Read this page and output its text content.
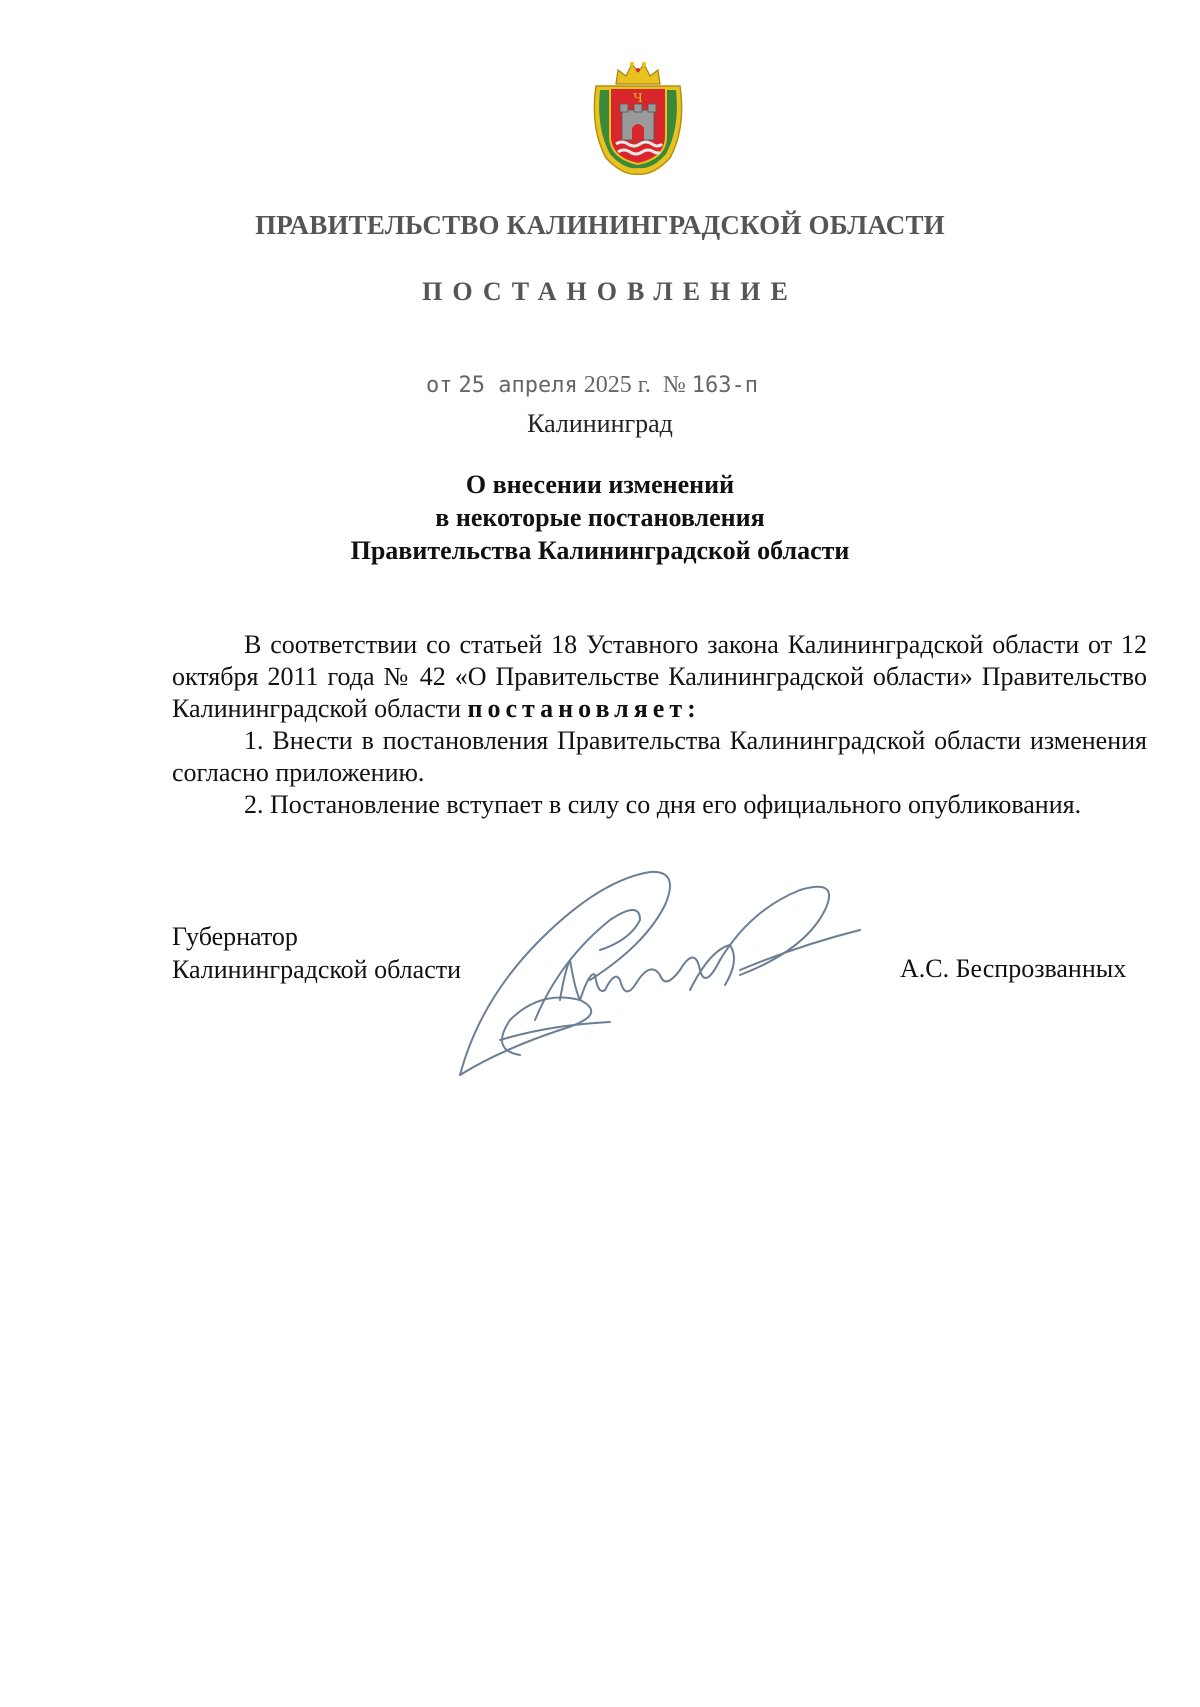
Ч
ПРАВИТЕЛЬСТВО КАЛИНИНГРАДСКОЙ ОБЛАСТИ
ПОСТАНОВЛЕНИЕ
от 25 апреля 2025 г. № 163-п
Калининград
О внесении изменений
в некоторые постановления
Правительства Калининградской области

В соответствии со статьей 18 Уставного закона Калининградской области от 12 октября 2011 года № 42 «О Правительстве Калининградской области» Правительство Калининградской области постановляет:

1. Внести в постановления Правительства Калининградской области изменения согласно приложению.

2. Постановление вступает в силу со дня его официального опубликования.

Губернатор
Калининградской области	А.С. Беспрозванных
